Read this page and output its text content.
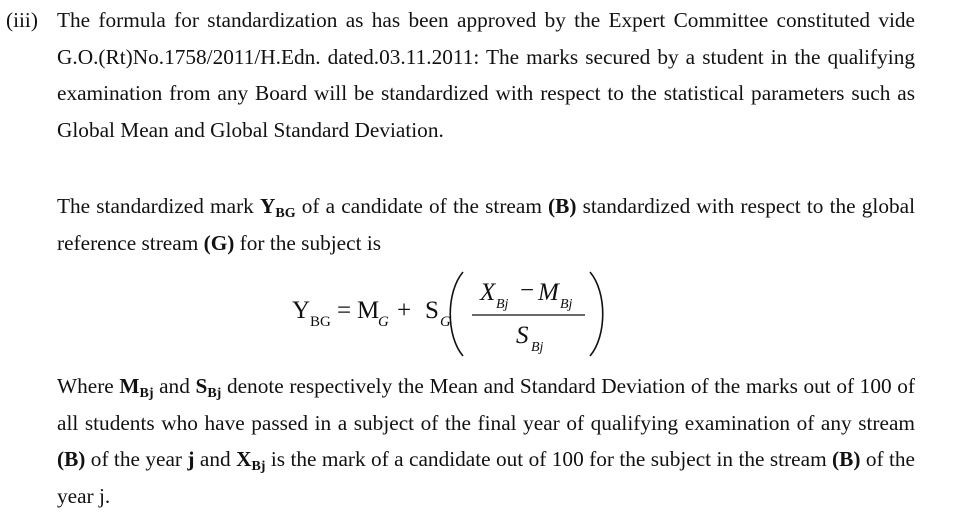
(iii) The formula for standardization as has been approved by the Expert Committee constituted vide G.O.(Rt)No.1758/2011/H.Edn. dated.03.11.2011: The marks secured by a student in the qualifying examination from any Board will be standardized with respect to the statistical parameters such as Global Mean and Global Standard Deviation.
The standardized mark $Y_{BG}$ of a candidate of the stream (B) standardized with respect to the global reference stream (G) for the subject is
Y BG = M
G + S G
X Bj
− M Bj
S Bj
Where $M_{Bj}$ and $S_{Bj}$ denote respectively the Mean and Standard Deviation of the marks out of 100 of all students who have passed in a subject of the final year of qualifying examination of any stream (B) of the year j and $X_{Bj}$ is the mark of a candidate out of 100 for the subject in the stream (B) of the year j.
